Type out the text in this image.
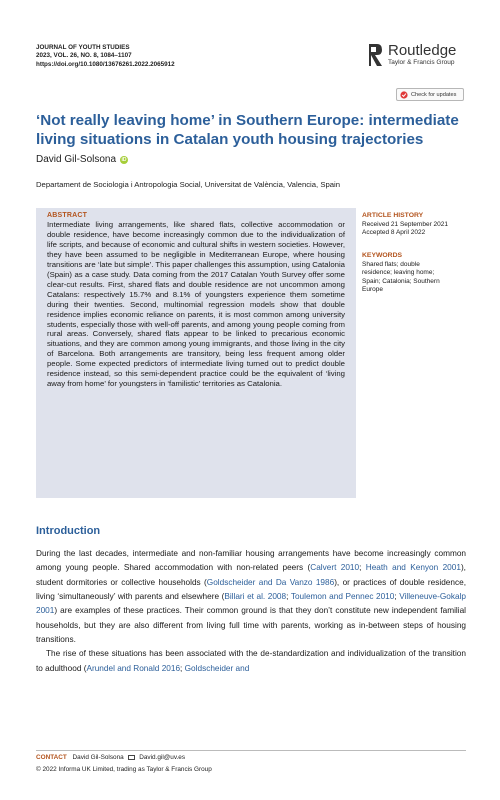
JOURNAL OF YOUTH STUDIES
2023, VOL. 26, NO. 8, 1084–1107
https://doi.org/10.1080/13676261.2022.2065912
Routledge
Taylor & Francis Group
Check for updates
‘Not really leaving home’ in Southern Europe: intermediate living situations in Catalan youth housing trajectories
David Gil-Solsona	iD
Departament de Sociologia i Antropologia Social, Universitat de València, Valencia, Spain
ABSTRACT
Intermediate living arrangements, like shared flats, collective accommodation or double residence, have become increasingly common due to the individualization of life scripts, and because of economic and cultural shifts in western societies. However, they have been assumed to be negligible in Mediterranean Europe, where housing transitions are ‘late but simple’. This paper challenges this assumption, using Catalonia (Spain) as a case study. Data coming from the 2017 Catalan Youth Survey offer some clear-cut results. First, shared flats and double residence are not uncommon among Catalans: respectively 15.7% and 8.1% of youngsters experience them sometime during their twenties. Second, multinomial regression models show that double residence implies economic reliance on parents, it is most common among university students, especially those with well-off parents, and among young people coming from rural areas. Conversely, shared flats appear to be linked to precarious economic situations, and they are common among young immigrants, and those living in the city of Barcelona. Both arrangements are transitory, being less frequent among older people. Some expected predictors of intermediate living turned out to predict double residence instead, so this semi-dependent practice could be the equivalent of ‘living away from home’ for youngsters in ‘familistic’ territories as Catalonia.
ARTICLE HISTORY
Received 21 September 2021
Accepted 8 April 2022
KEYWORDS
Shared flats; double
residence; leaving home;
Spain; Catalonia; Southern
Europe
Introduction

During the last decades, intermediate and non-familiar housing arrangements have become increasingly common among young people. Shared accommodation with non-related peers (Calvert 2010; Heath and Kenyon 2001), student dormitories or collective households (Goldscheider and Da Vanzo 1986), or practices of double residence, living ‘simultaneously’ with parents and elsewhere (Billari et al. 2008; Toulemon and Pennec 2010; Villeneuve-Gokalp 2001) are examples of these practices. Their common ground is that they don’t constitute new independent familial households, but they are also different from living full time with parents, working as in-between steps of housing transitions.

The rise of these situations has been associated with the de-standardization and individualization of the transition to adulthood (Arundel and Ronald 2016; Goldscheider and

CONTACT David Gil-Solsona David.gil@uv.es
© 2022 Informa UK Limited, trading as Taylor & Francis Group
